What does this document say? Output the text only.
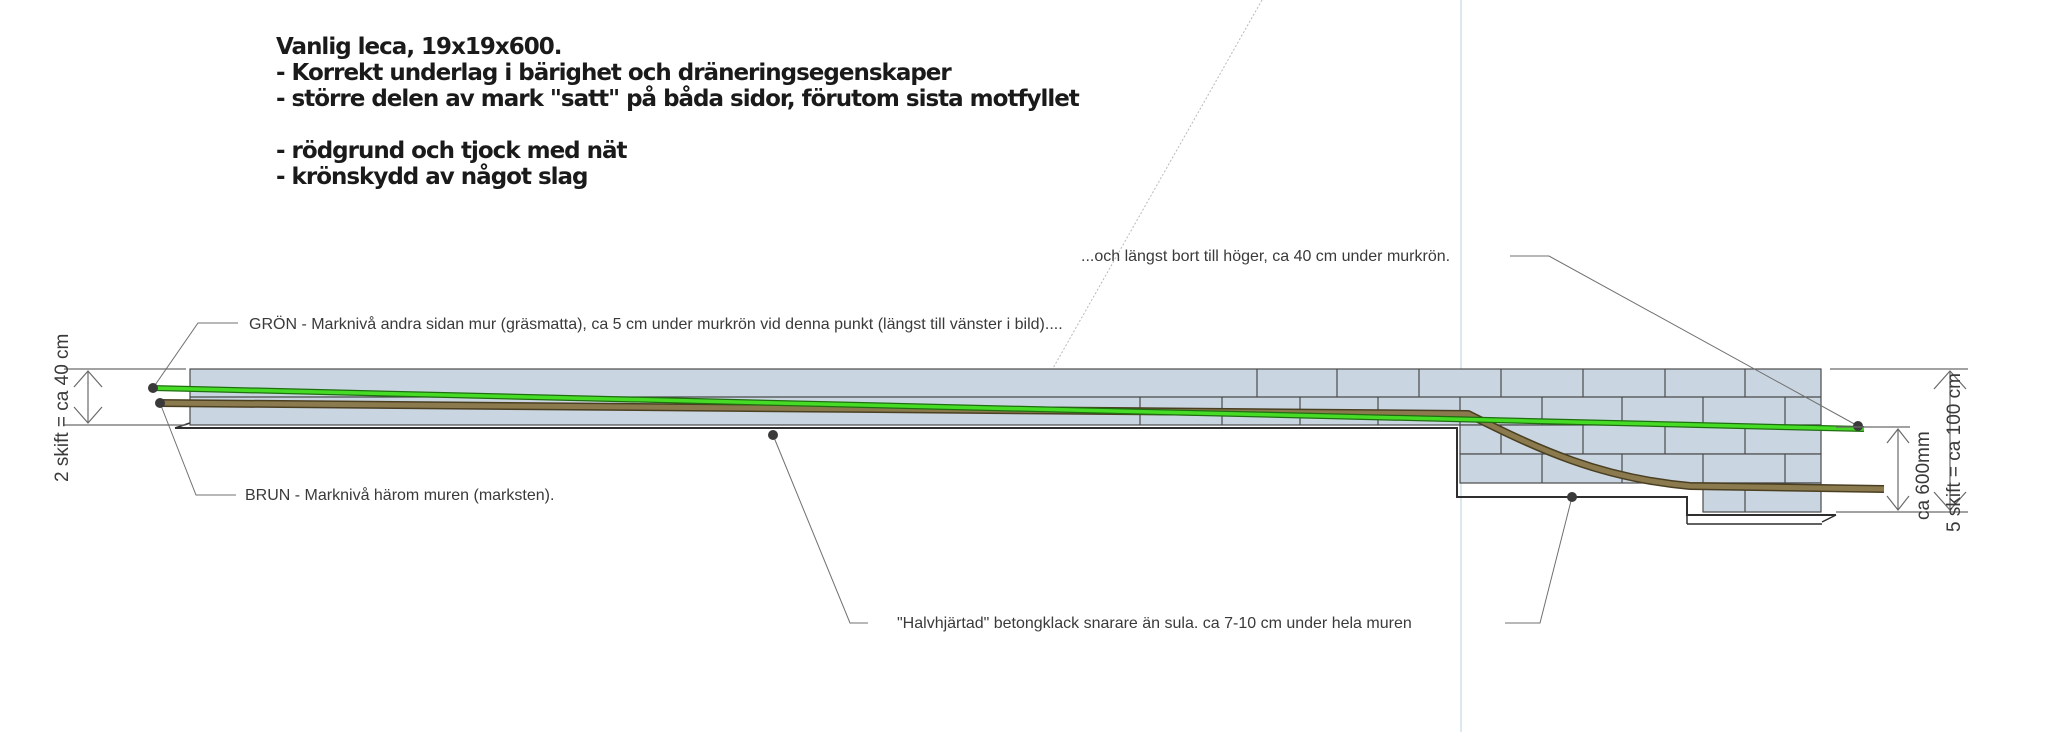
Vanlig leca, 19x19x600.
- Korrekt underlag i bärighet och dräneringsegenskaper
- större delen av mark "satt" på båda sidor, förutom sista motfyllet
- rödgrund och tjock med nät
- krönskydd av något slag
...och längst bort till höger, ca 40 cm under murkrön.
GRÖN - Marknivå andra sidan mur (gräsmatta), ca 5 cm under murkrön vid denna punkt (längst till vänster i bild)....
BRUN - Marknivå härom muren (marksten).
"Halvhjärtad" betongklack snarare än sula. ca 7-10 cm under hela muren
2 skift = ca 40 cm	ca 600mm 5 skift = ca 100 cm
